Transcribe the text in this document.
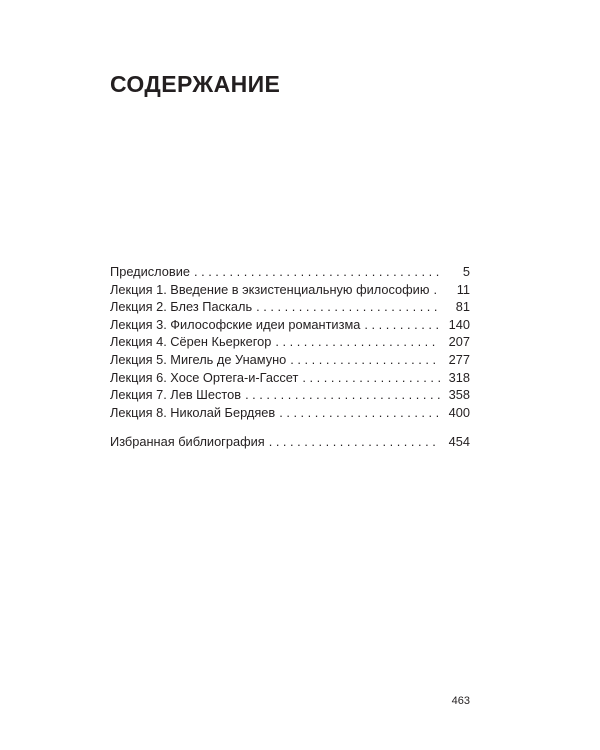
СОДЕРЖАНИЕ
Предисловие . . .	5
Лекция 1. Введение в экзистенциальную философию . . .	11
Лекция 2. Блез Паскаль . . .	81
Лекция 3. Философские идеи романтизма . . .	140
Лекция 4. Сёрен Кьеркегор . . .	207
Лекция 5. Мигель де Унамуно . . .	277
Лекция 6. Хосе Ортега-и-Гассет . . .	318
Лекция 7. Лев Шестов . . .	358
Лекция 8. Николай Бердяев . . .	400
Избранная библиография . . .	454
463
